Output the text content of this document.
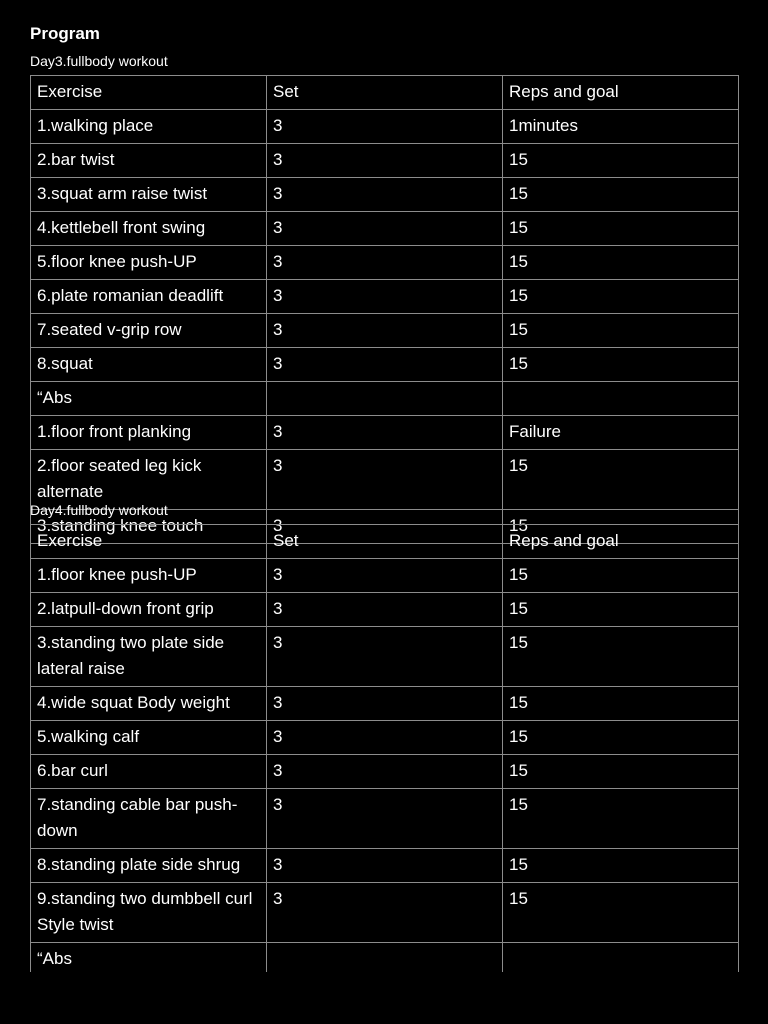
Program
Day3.fullbody workout
Exercise	Set	Reps and goal
1.walking place	3	1minutes
2.bar twist	3	15
3.squat arm raise twist	3	15
4.kettlebell front swing	3	15
5.floor knee push-UP	3	15
6.plate romanian deadlift	3	15
7.seated v-grip row	3	15
8.squat	3	15
“Abs		
1.floor front planking	3	Failure
2.floor seated leg kick alternate	3	15
3.standing knee touch	3	15
Day4.fullbody workout
Exercise	Set	Reps and goal
1.floor knee push-UP	3	15
2.latpull-down front grip	3	15
3.standing two plate side lateral raise	3	15
4.wide squat Body weight	3	15
5.walking calf	3	15
6.bar curl	3	15
7.standing cable bar push-down	3	15
8.standing plate side shrug	3	15
9.standing two dumbbell curl Style twist	3	15
“Abs		
